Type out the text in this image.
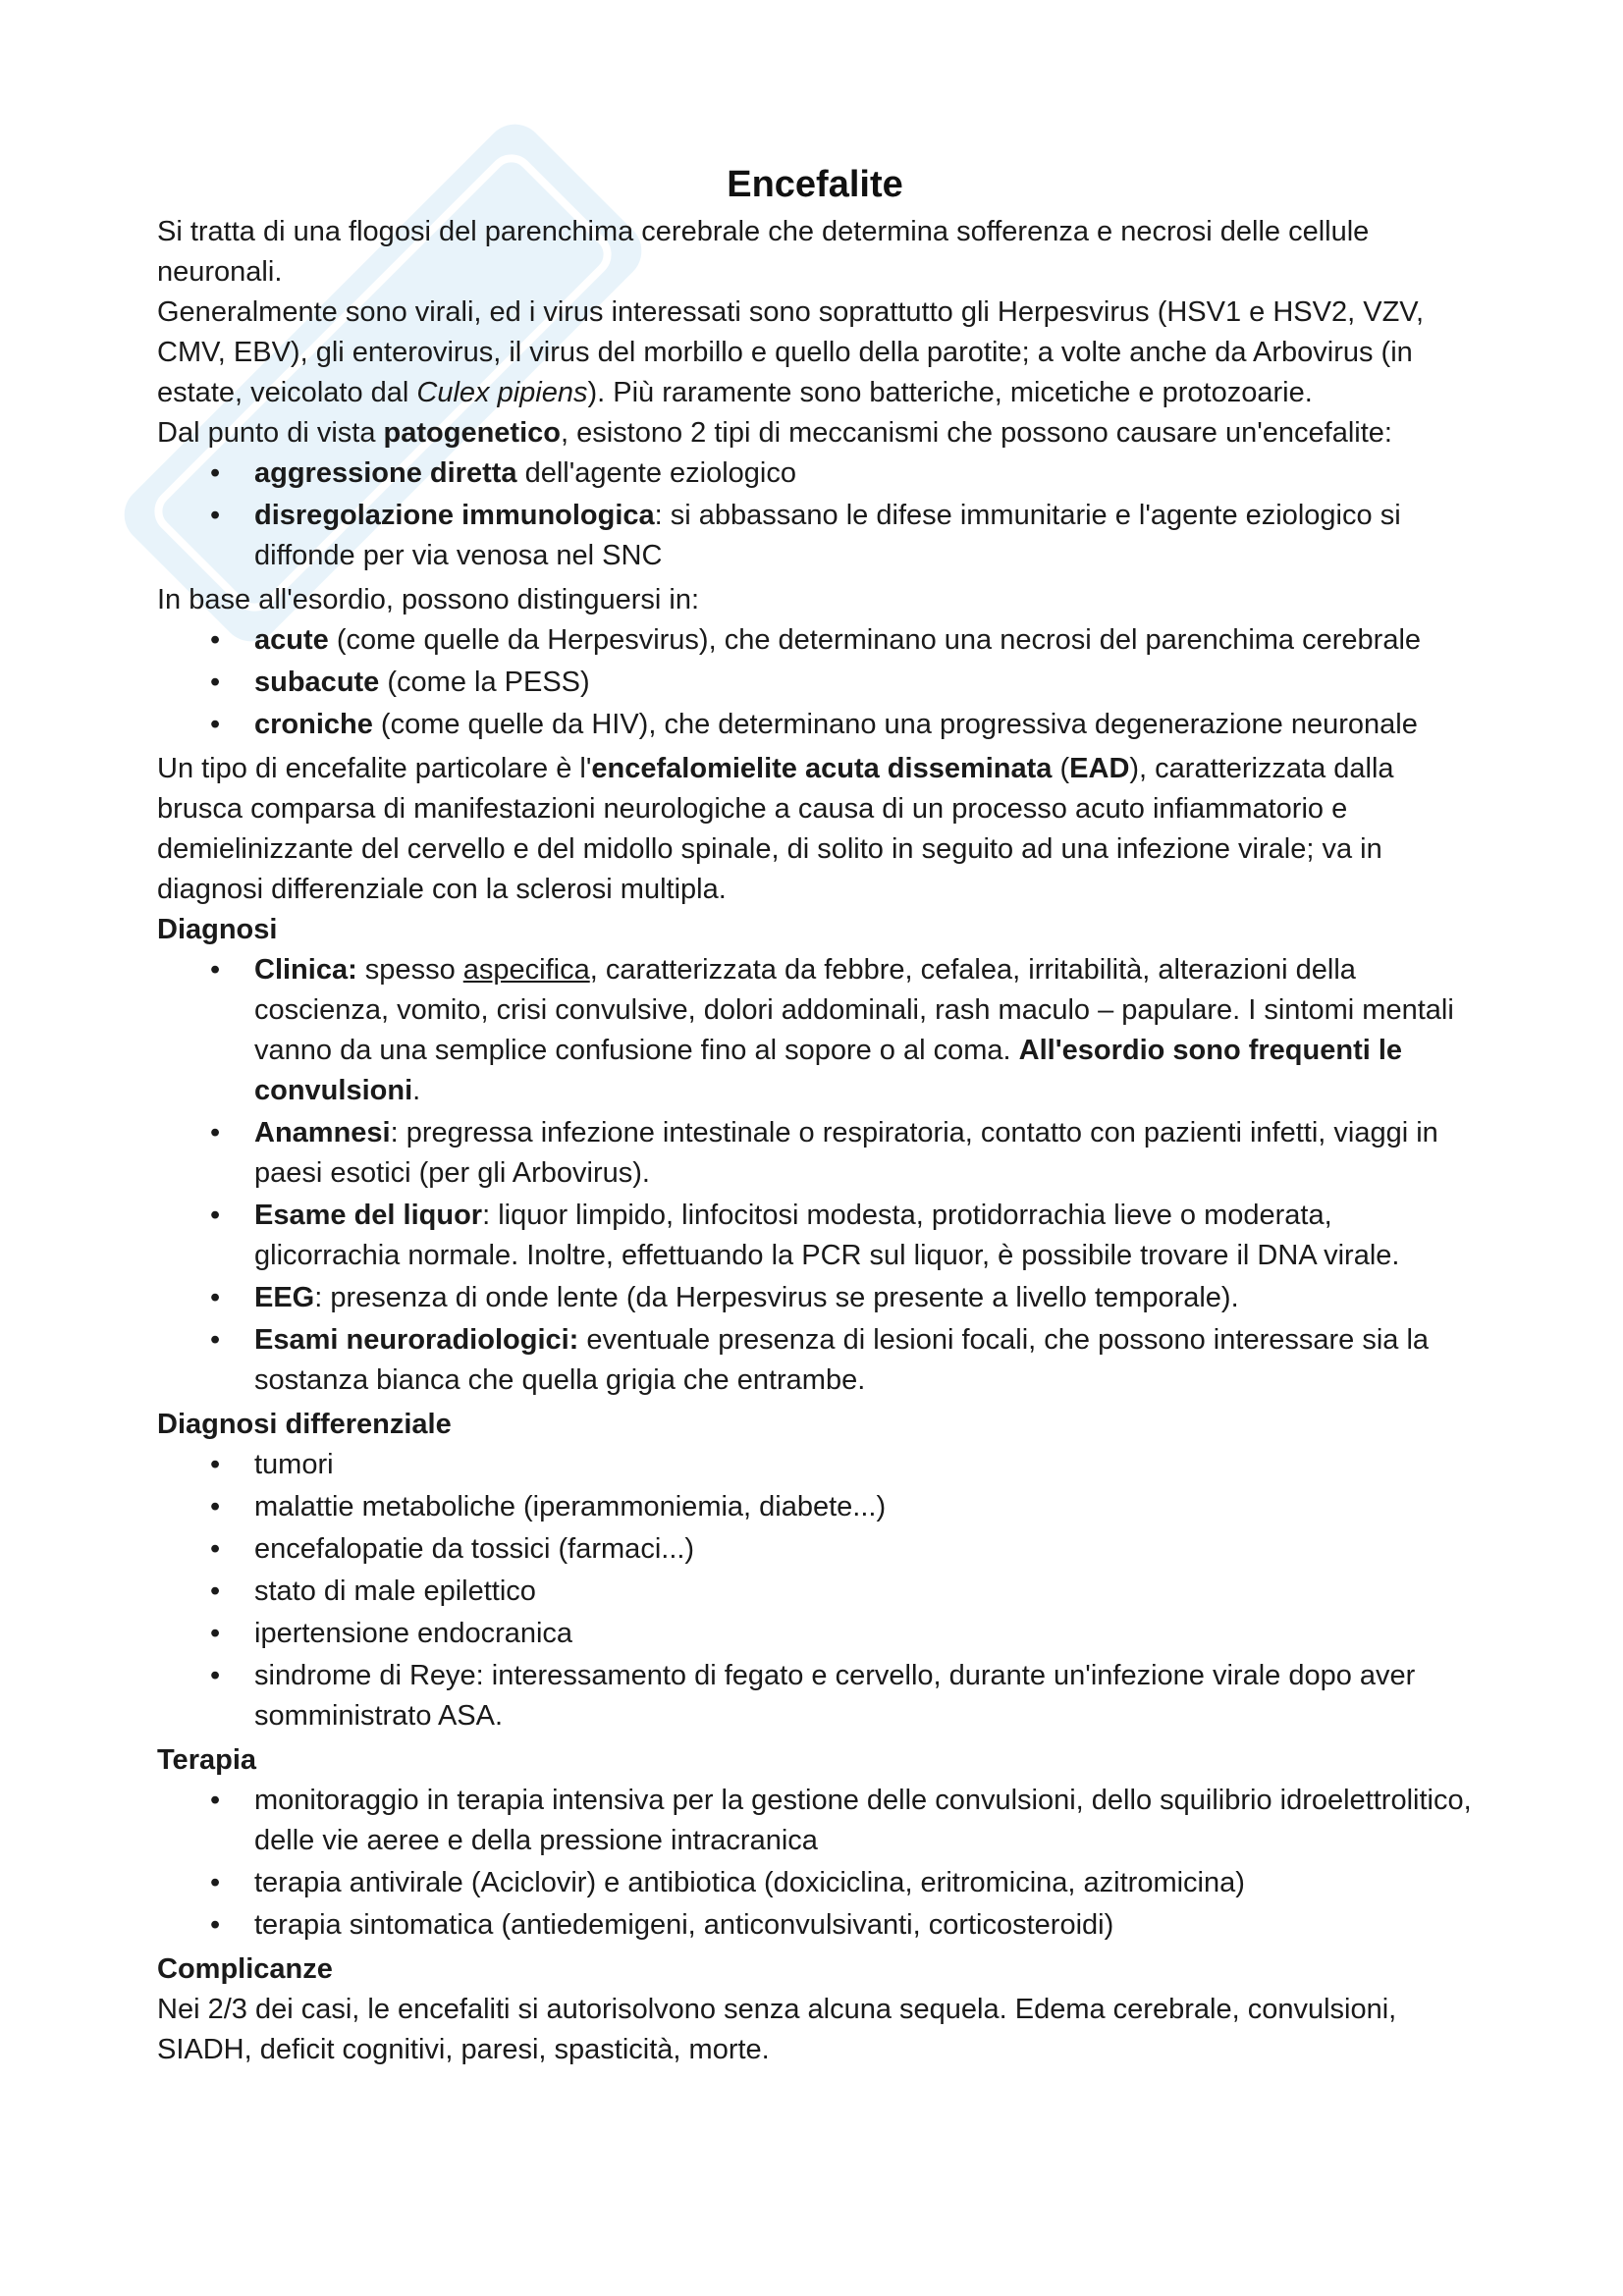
Encefalite

Si tratta di una flogosi del parenchima cerebrale che determina sofferenza e necrosi delle cellule neuronali.

Generalmente sono virali, ed i virus interessati sono soprattutto gli Herpesvirus (HSV1 e HSV2, VZV, CMV, EBV), gli enterovirus, il virus del morbillo e quello della parotite; a volte anche da Arbovirus (in estate, veicolato dal Culex pipiens). Più raramente sono batteriche, micetiche e protozoarie.

Dal punto di vista patogenetico, esistono 2 tipi di meccanismi che possono causare un'encefalite:

• aggressione diretta dell'agente eziologico
• disregolazione immunologica: si abbassano le difese immunitarie e l'agente eziologico si diffonde per via venosa nel SNC

In base all'esordio, possono distinguersi in:

• acute (come quelle da Herpesvirus), che determinano una necrosi del parenchima cerebrale
• subacute (come la PESS)
• croniche (come quelle da HIV), che determinano una progressiva degenerazione neuronale

Un tipo di encefalite particolare è l'encefalomielite acuta disseminata (EAD), caratterizzata dalla brusca comparsa di manifestazioni neurologiche a causa di un processo acuto infiammatorio e demielinizzante del cervello e del midollo spinale, di solito in seguito ad una infezione virale; va in diagnosi differenziale con la sclerosi multipla.

Diagnosi

• Clinica: spesso aspecifica, caratterizzata da febbre, cefalea, irritabilità, alterazioni della coscienza, vomito, crisi convulsive, dolori addominali, rash maculo – papulare. I sintomi mentali vanno da una semplice confusione fino al sopore o al coma. All'esordio sono frequenti le convulsioni.
• Anamnesi: pregressa infezione intestinale o respiratoria, contatto con pazienti infetti, viaggi in paesi esotici (per gli Arbovirus).
• Esame del liquor: liquor limpido, linfocitosi modesta, protidorrachia lieve o moderata, glicorrachia normale. Inoltre, effettuando la PCR sul liquor, è possibile trovare il DNA virale.
• EEG: presenza di onde lente (da Herpesvirus se presente a livello temporale).
• Esami neuroradiologici: eventuale presenza di lesioni focali, che possono interessare sia la sostanza bianca che quella grigia che entrambe.

Diagnosi differenziale

• tumori
• malattie metaboliche (iperammoniemia, diabete...)
• encefalopatie da tossici (farmaci...)
• stato di male epilettico
• ipertensione endocranica
• sindrome di Reye: interessamento di fegato e cervello, durante un'infezione virale dopo aver somministrato ASA.

Terapia

• monitoraggio in terapia intensiva per la gestione delle convulsioni, dello squilibrio idroelettrolitico, delle vie aeree e della pressione intracranica
• terapia antivirale (Aciclovir) e antibiotica (doxiciclina, eritromicina, azitromicina)
• terapia sintomatica (antiedemigeni, anticonvulsivanti, corticosteroidi)

Complicanze

Nei 2/3 dei casi, le encefaliti si autorisolvono senza alcuna sequela. Edema cerebrale, convulsioni, SIADH, deficit cognitivi, paresi, spasticità, morte.
